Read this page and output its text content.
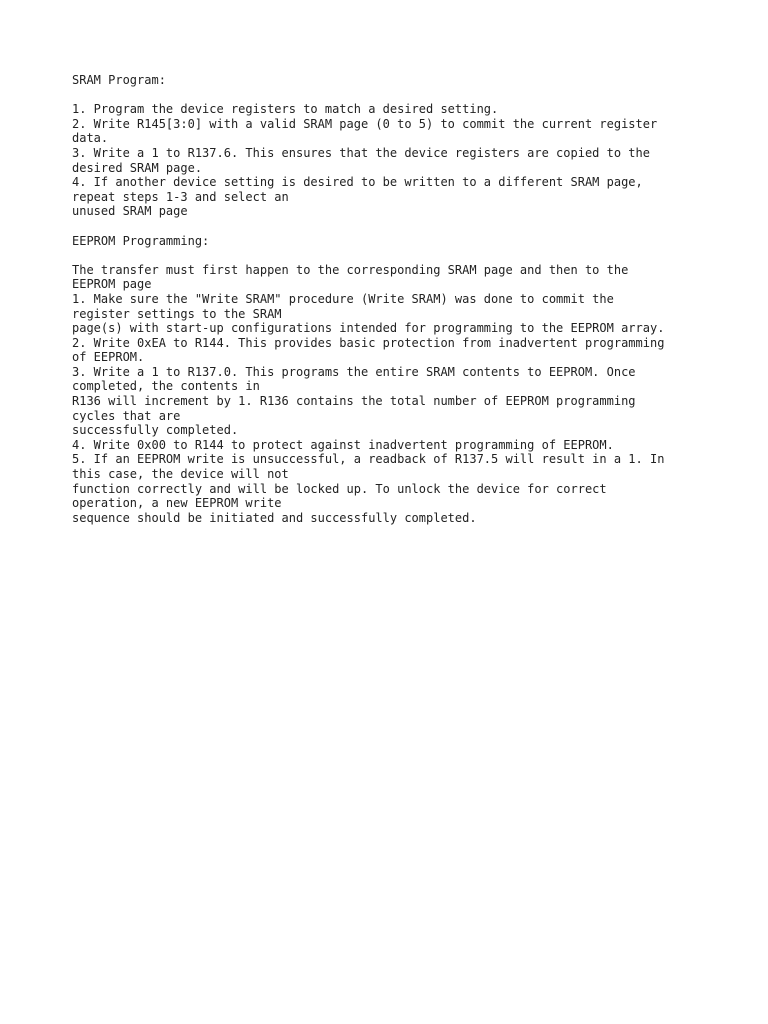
SRAM Program:
1. Program the device registers to match a desired setting.
2. Write R145[3:0] with a valid SRAM page (0 to 5) to commit the current register
data.
3. Write a 1 to R137.6. This ensures that the device registers are copied to the
desired SRAM page.
4. If another device setting is desired to be written to a different SRAM page,
repeat steps 1-3 and select an
unused SRAM page
EEPROM Programming:
The transfer must first happen to the corresponding SRAM page and then to the
EEPROM page
1. Make sure the "Write SRAM" procedure (Write SRAM) was done to commit the
register settings to the SRAM
page(s) with start-up configurations intended for programming to the EEPROM array.
2. Write 0xEA to R144. This provides basic protection from inadvertent programming
of EEPROM.
3. Write a 1 to R137.0. This programs the entire SRAM contents to EEPROM. Once
completed, the contents in
R136 will increment by 1. R136 contains the total number of EEPROM programming
cycles that are
successfully completed.
4. Write 0x00 to R144 to protect against inadvertent programming of EEPROM.
5. If an EEPROM write is unsuccessful, a readback of R137.5 will result in a 1. In
this case, the device will not
function correctly and will be locked up. To unlock the device for correct
operation, a new EEPROM write
sequence should be initiated and successfully completed.
